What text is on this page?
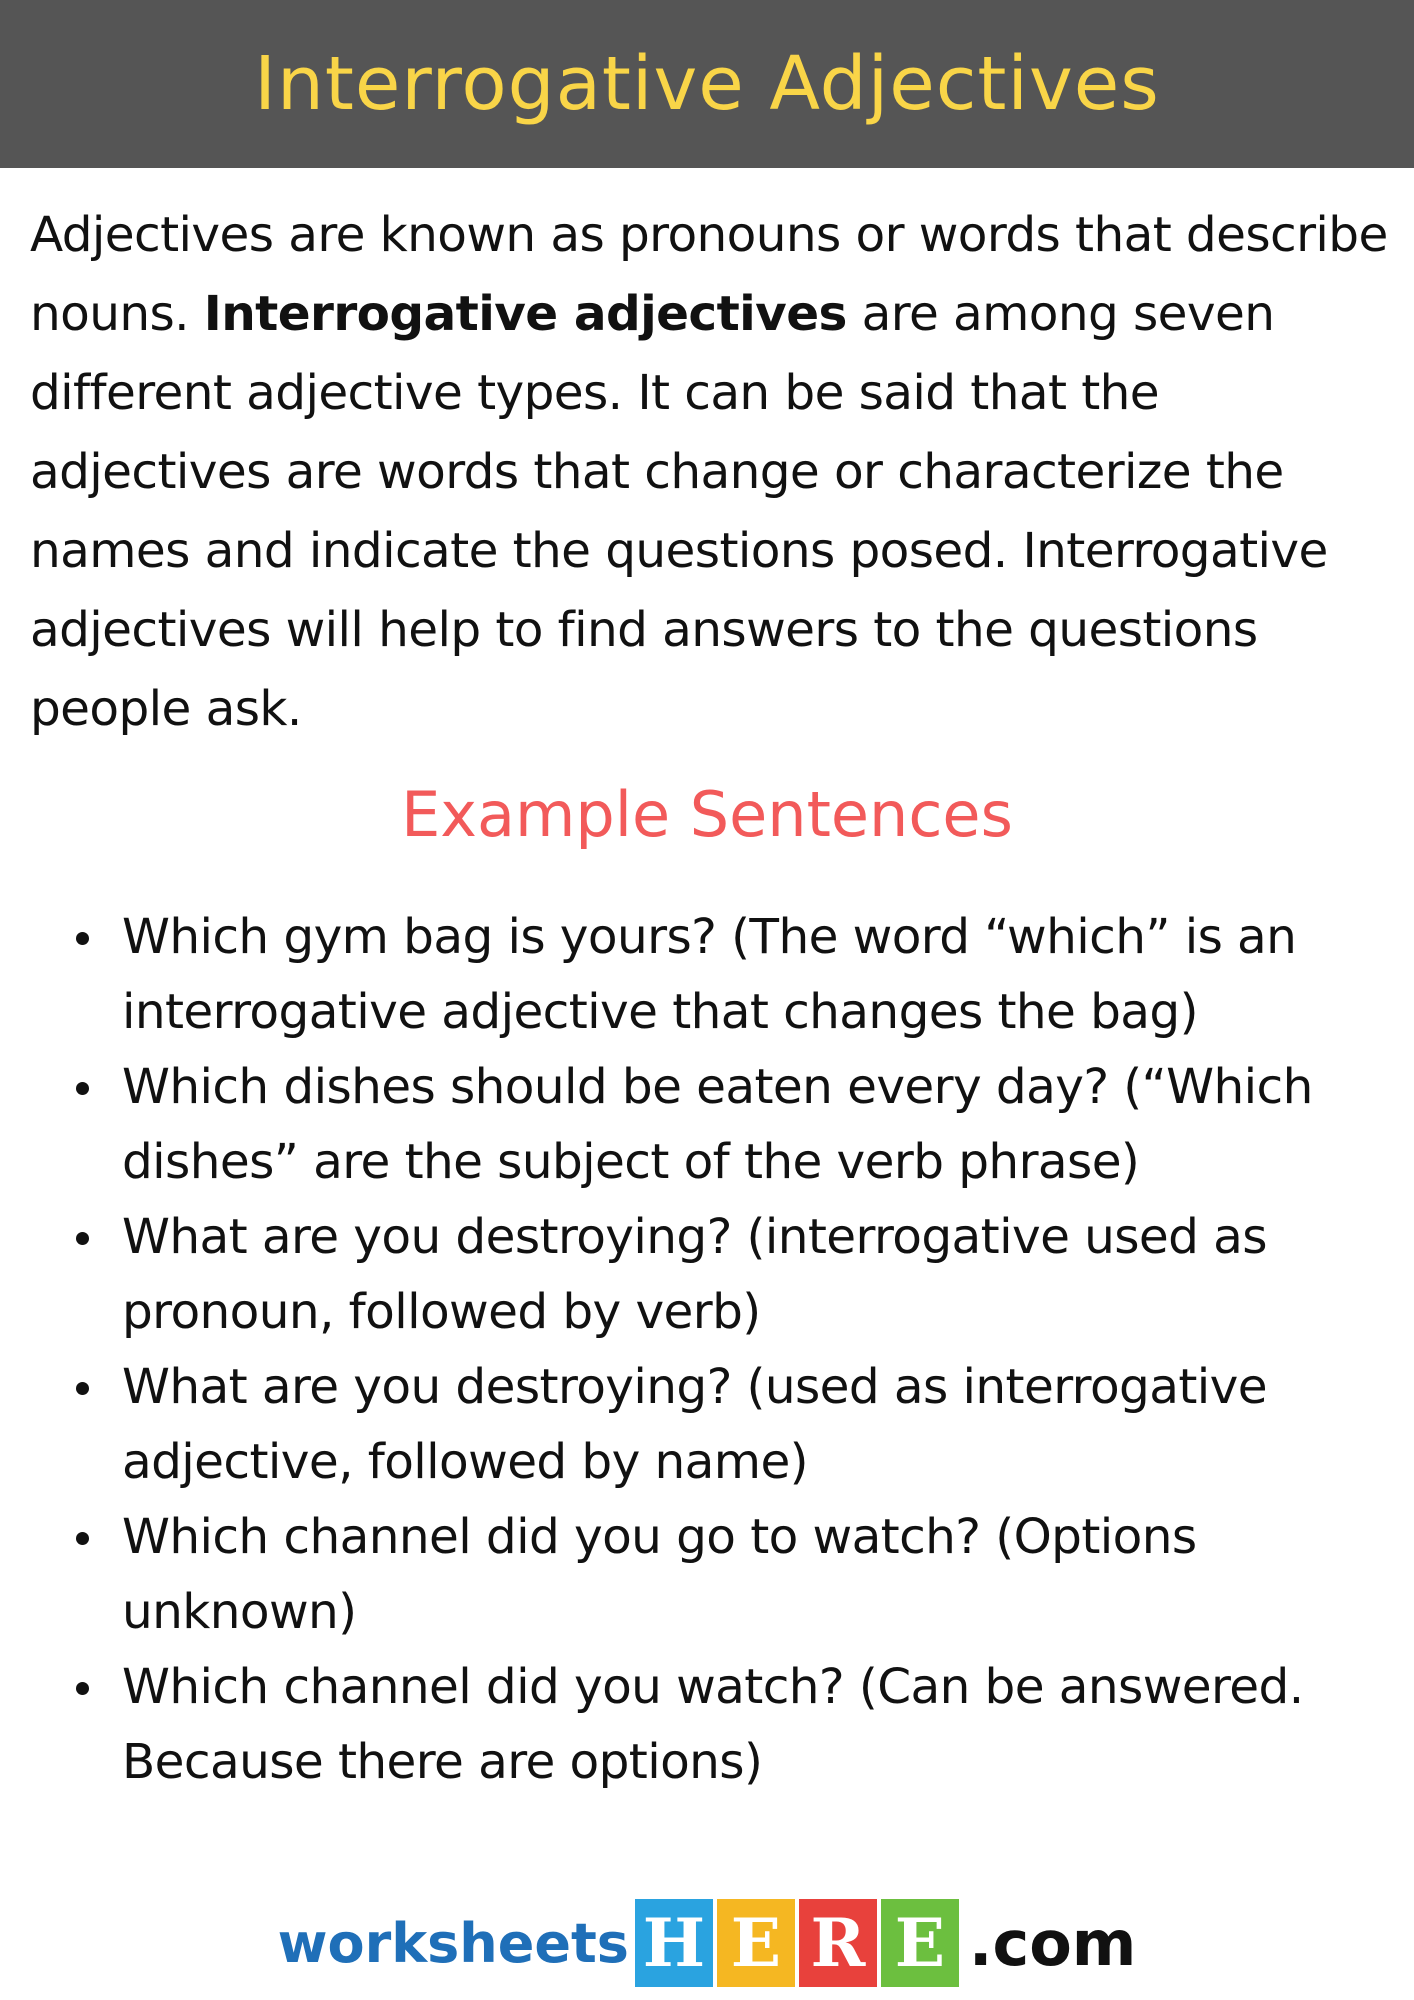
Interrogative Adjectives

Adjectives are known as pronouns or words that describe nouns. Interrogative adjectives are among seven different adjective types. It can be said that the adjectives are words that change or characterize the names and indicate the questions posed. Interrogative adjectives will help to find answers to the questions people ask.

Example Sentences
Which gym bag is yours? (The word “which” is an interrogative adjective that changes the bag)
Which dishes should be eaten every day? (“Which dishes” are the subject of the verb phrase)
What are you destroying? (interrogative used as pronoun, followed by verb)
What are you destroying? (used as interrogative adjective, followed by name)
Which channel did you go to watch? (Options unknown)
Which channel did you watch? (Can be answered. Because there are options)
worksheets H E R E .com
